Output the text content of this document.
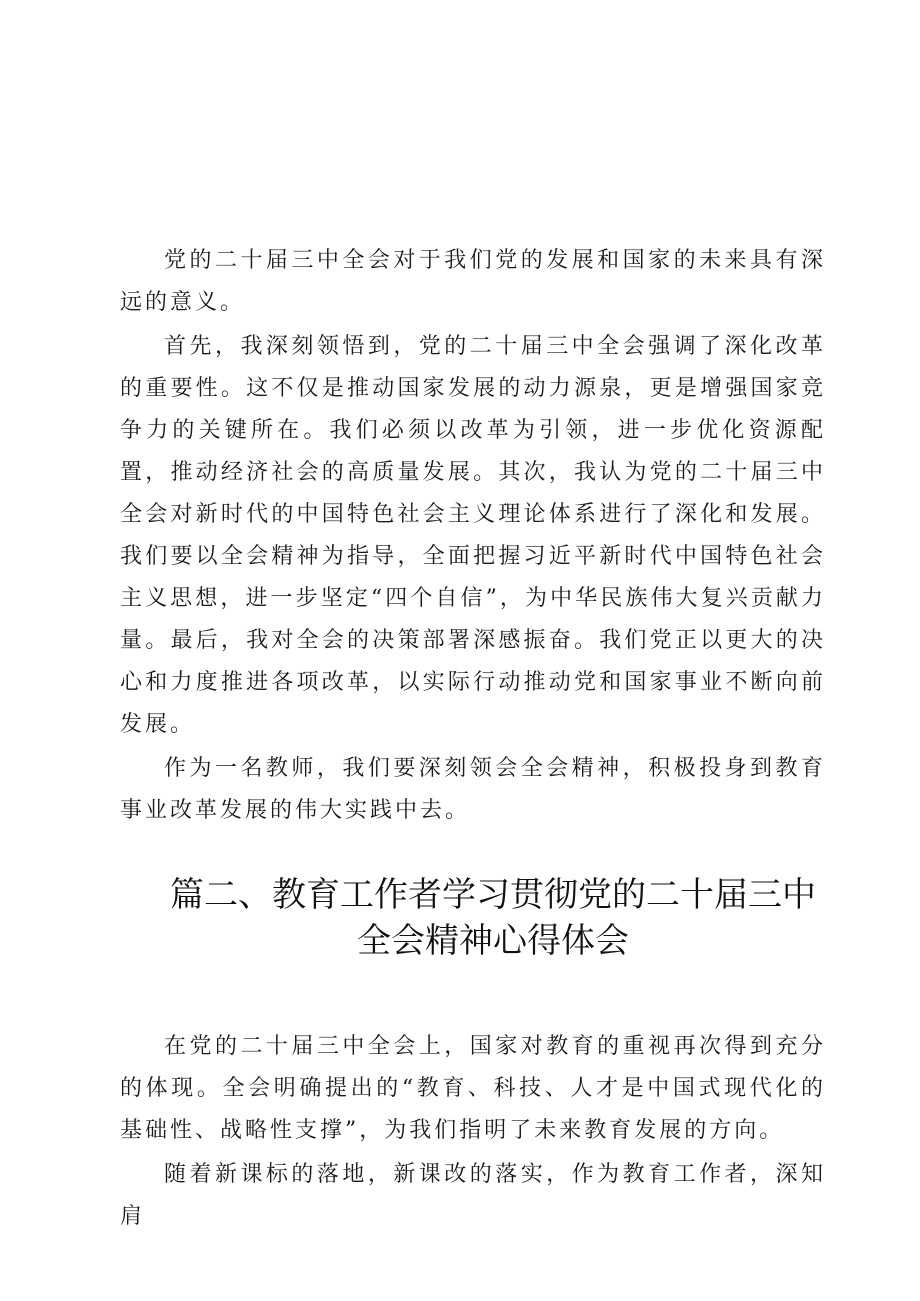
党的二十届三中全会对于我们党的发展和国家的未来具有深远的意义。

首先，我深刻领悟到，党的二十届三中全会强调了深化改革的重要性。这不仅是推动国家发展的动力源泉，更是增强国家竞争力的关键所在。我们必须以改革为引领，进一步优化资源配置，推动经济社会的高质量发展。其次，我认为党的二十届三中全会对新时代的中国特色社会主义理论体系进行了深化和发展。我们要以全会精神为指导，全面把握习近平新时代中国特色社会主义思想，进一步坚定“四个自信”，为中华民族伟大复兴贡献力量。最后，我对全会的决策部署深感振奋。我们党正以更大的决心和力度推进各项改革，以实际行动推动党和国家事业不断向前发展。

作为一名教师，我们要深刻领会全会精神，积极投身到教育事业改革发展的伟大实践中去。

篇二、教育工作者学习贯彻党的二十届三中全会精神心得体会

在党的二十届三中全会上，国家对教育的重视再次得到充分的体现。全会明确提出的“教育、科技、人才是中国式现代化的基础性、战略性支撑”，为我们指明了未来教育发展的方向。

随着新课标的落地，新课改的落实，作为教育工作者，深知肩
